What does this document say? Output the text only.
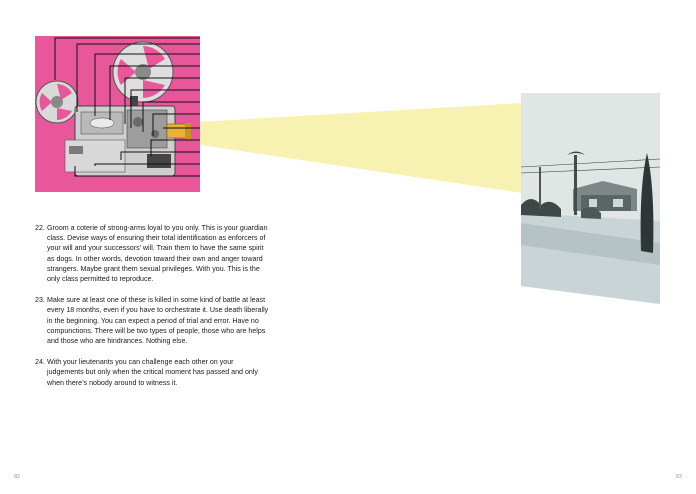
22. Groom a coterie of strong-arms loyal to you only. This is your guardian class. Devise ways of ensuring their total identification as enforcers of your will and your successors’ will. Train them to have the same spirit as dogs. In other words, devotion toward their own and anger toward strangers. Maybe grant them sexual privileges. With you. This is the only class permitted to reproduce.
23. Make sure at least one of these is killed in some kind of battle at least every 18 months, even if you have to orchestrate it. Use death liberally in the beginning. You can expect a period of trial and error. Have no compunctions. There will be two types of people, those who are helps and those who are hindrances. Nothing else.
24. With your lieutenants you can challenge each other on your judgements but only when the critical moment has passed and only when there’s nobody around to witness it.
82	83
